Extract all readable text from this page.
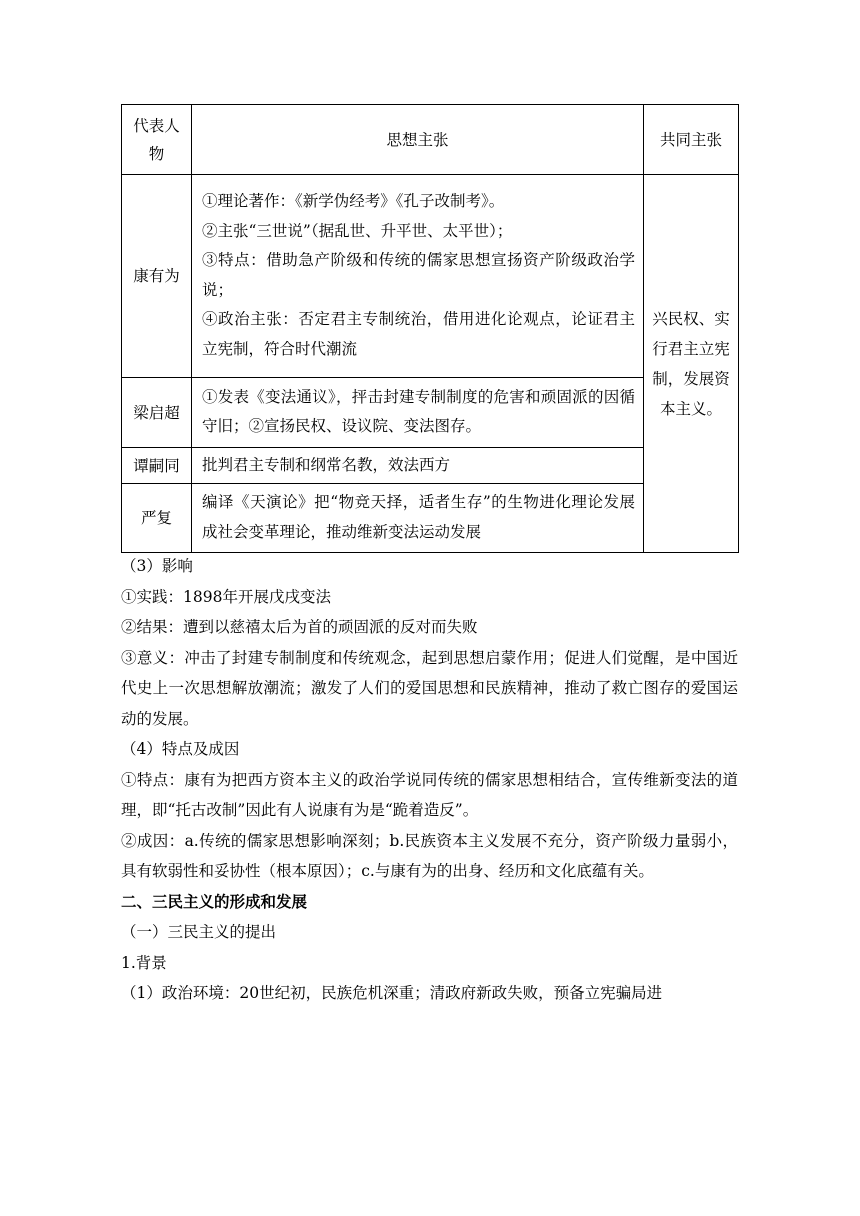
代表人物	思想主张	共同主张
康有为	①理论著作：《新学伪经考》《孔子改制考》。
②主张“三世说”（据乱世、升平世、太平世）；
③特点：借助急产阶级和传统的儒家思想宣扬资产阶级政治学说；
④政治主张：否定君主专制统治，借用进化论观点，论证君主立宪制，符合时代潮流	兴民权、实行君主立宪制，发展资本主义。
梁启超	①发表《变法通议》，抨击封建专制制度的危害和顽固派的因循守旧；②宣扬民权、设议院、变法图存。	

谭嗣同	批判君主专制和纲常名教，效法西方	

严复	编译《天演论》把“物竞天择，适者生存”的生物进化理论发展成社会变革理论，推动维新变法运动发展	

（3）影响

①实践：1898年开展戊戌变法

②结果：遭到以慈禧太后为首的顽固派的反对而失败

③意义：冲击了封建专制制度和传统观念，起到思想启蒙作用；促进人们觉醒，是中国近代史上一次思想解放潮流；激发了人们的爱国思想和民族精神，推动了救亡图存的爱国运动的发展。

（4）特点及成因

①特点：康有为把西方资本主义的政治学说同传统的儒家思想相结合，宣传维新变法的道理，即“托古改制”因此有人说康有为是“跪着造反”。

②成因：a.传统的儒家思想影响深刻；b.民族资本主义发展不充分，资产阶级力量弱小，具有软弱性和妥协性（根本原因）；c.与康有为的出身、经历和文化底蕴有关。

二、三民主义的形成和发展

（一）三民主义的提出

1.背景

（1）政治环境：20世纪初，民族危机深重；清政府新政失败，预备立宪骗局进
